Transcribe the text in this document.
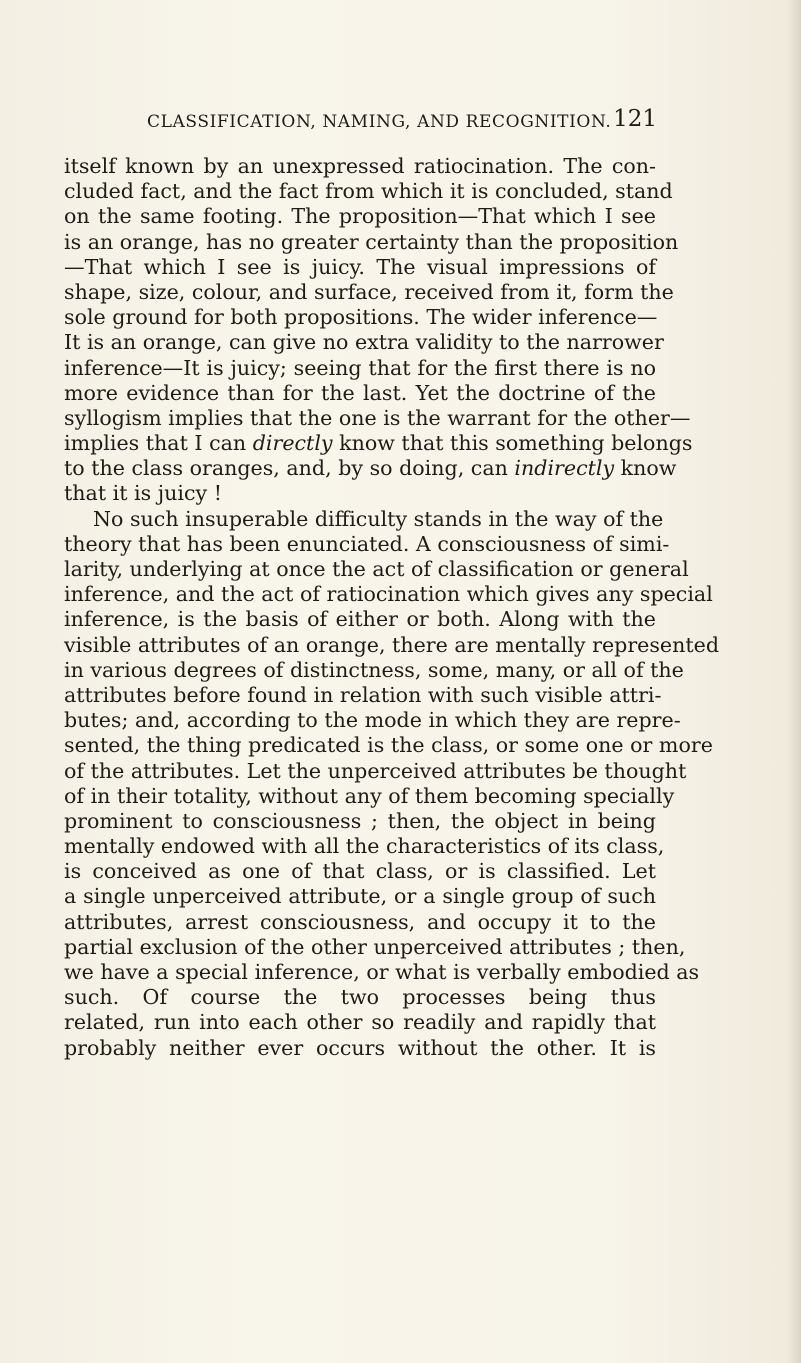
CLASSIFICATION, NAMING, AND RECOGNITION. 121
itself known by an unexpressed ratiocination. The con-
cluded fact, and the fact from which it is concluded, stand
on the same footing. The proposition—That which I see
is an orange, has no greater certainty than the proposition
—That which I see is juicy. The visual impressions of
shape, size, colour, and surface, received from it, form the
sole ground for both propositions. The wider inference—
It is an orange, can give no extra validity to the narrower
inference—It is juicy; seeing that for the first there is no
more evidence than for the last. Yet the doctrine of the
syllogism implies that the one is the warrant for the other—
implies that I can directly know that this something belongs
to the class oranges, and, by so doing, can indirectly know
that it is juicy !
No such insuperable difficulty stands in the way of the
theory that has been enunciated. A consciousness of simi-
larity, underlying at once the act of classification or general
inference, and the act of ratiocination which gives any special
inference, is the basis of either or both. Along with the
visible attributes of an orange, there are mentally represented
in various degrees of distinctness, some, many, or all of the
attributes before found in relation with such visible attri-
butes; and, according to the mode in which they are repre-
sented, the thing predicated is the class, or some one or more
of the attributes. Let the unperceived attributes be thought
of in their totality, without any of them becoming specially
prominent to consciousness ; then, the object in being
mentally endowed with all the characteristics of its class,
is conceived as one of that class, or is classified. Let
a single unperceived attribute, or a single group of such
attributes, arrest consciousness, and occupy it to the
partial exclusion of the other unperceived attributes ; then,
we have a special inference, or what is verbally embodied as
such. Of course the two processes being thus
related, run into each other so readily and rapidly that
probably neither ever occurs without the other. It is
